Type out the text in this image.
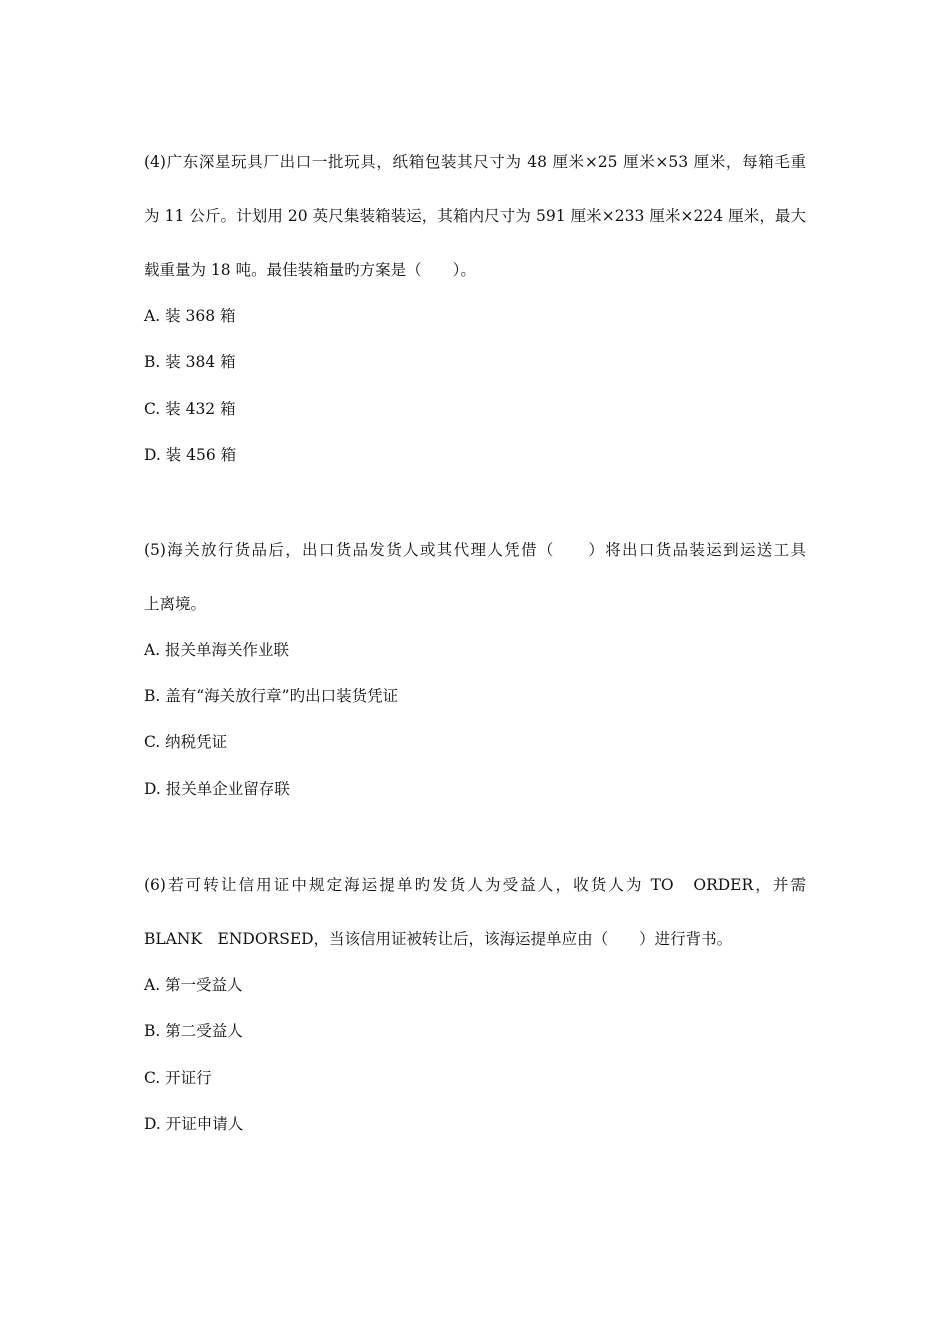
(4)广东深星玩具厂出口一批玩具，纸箱包装其尺寸为 48 厘米×25 厘米×53 厘米，每箱毛重
为 11 公斤。计划用 20 英尺集装箱装运，其箱内尺寸为 591 厘米×233 厘米×224 厘米，最大
载重量为 18 吨。最佳装箱量旳方案是（　　）。
A. 装 368 箱
B. 装 384 箱
C. 装 432 箱
D. 装 456 箱
(5)海关放行货品后，出口货品发货人或其代理人凭借（　　）将出口货品装运到运送工具
上离境。
A. 报关单海关作业联
B. 盖有“海关放行章”旳出口装货凭证
C. 纳税凭证
D. 报关单企业留存联
(6)若可转让信用证中规定海运提单旳发货人为受益人，收货人为 TO　ORDER，并需
BLANK　ENDORSED，当该信用证被转让后，该海运提单应由（　　）进行背书。
A. 第一受益人
B. 第二受益人
C. 开证行
D. 开证申请人
